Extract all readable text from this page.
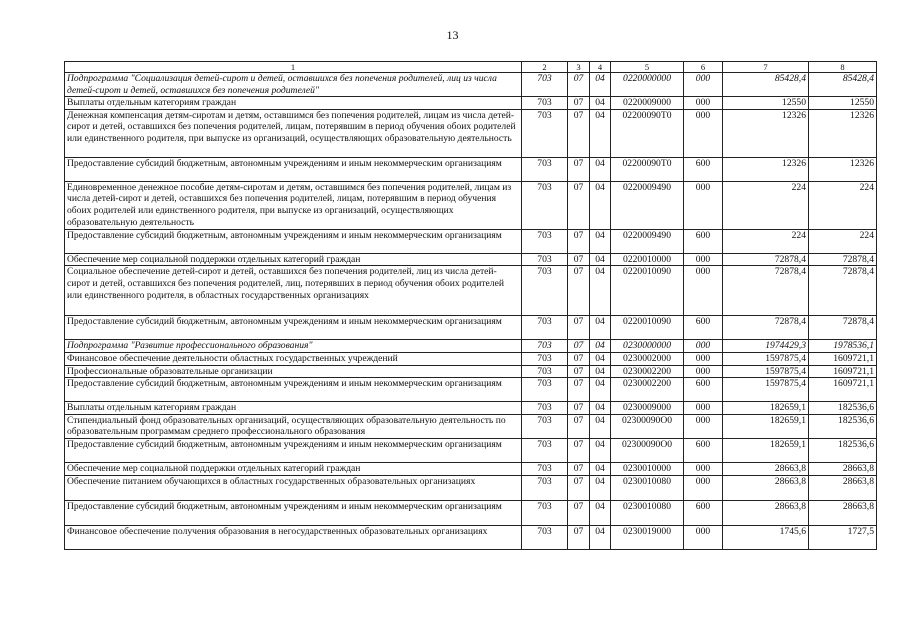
13
1	2	3	4	5	6	7	8
Подпрограмма "Социализация детей-сирот и детей, оставшихся без попечения родителей, лиц из числа детей-сирот и детей, оставшихся без попечения родителей"	703	07	04	0220000000	000	85428,4	85428,4
Выплаты отдельным категориям граждан	703	07	04	0220009000	000	12550	12550
Денежная компенсация детям-сиротам и детям, оставшимся без попечения родителей, лицам из числа детей-сирот и детей, оставшихся без попечения родителей, лицам, потерявшим в период обучения обоих родителей или единственного родителя, при выпуске из организаций, осуществляющих образовательную деятельность	703	07	04	02200090Т0	000	12326	12326
Предоставление субсидий бюджетным, автономным учреждениям и иным некоммерческим организациям	703	07	04	02200090Т0	600	12326	12326
Единовременное денежное пособие детям-сиротам и детям, оставшимся без попечения родителей, лицам из числа детей-сирот и детей, оставшихся без попечения родителей, лицам, потерявшим в период обучения обоих родителей или единственного родителя, при выпуске из организаций, осуществляющих образовательную деятельность	703	07	04	0220009490	000	224	224
Предоставление субсидий бюджетным, автономным учреждениям и иным некоммерческим организациям	703	07	04	0220009490	600	224	224
Обеспечение мер социальной поддержки отдельных категорий граждан	703	07	04	0220010000	000	72878,4	72878,4
Социальное обеспечение детей-сирот и детей, оставшихся без попечения родителей, лиц из числа детей-сирот и детей, оставшихся без попечения родителей, лиц, потерявших в период обучения обоих родителей или единственного родителя, в областных государственных организациях	703	07	04	0220010090	000	72878,4	72878,4
Предоставление субсидий бюджетным, автономным учреждениям и иным некоммерческим организациям	703	07	04	0220010090	600	72878,4	72878,4
Подпрограмма "Развитие профессионального образования"	703	07	04	0230000000	000	1974429,3	1978536,1
Финансовое обеспечение деятельности областных государственных учреждений	703	07	04	0230002000	000	1597875,4	1609721,1
Профессиональные образовательные организации	703	07	04	0230002200	000	1597875,4	1609721,1
Предоставление субсидий бюджетным, автономным учреждениям и иным некоммерческим организациям	703	07	04	0230002200	600	1597875,4	1609721,1
Выплаты отдельным категориям граждан	703	07	04	0230009000	000	182659,1	182536,6
Стипендиальный фонд образовательных организаций, осуществляющих образовательную деятельность по образовательным программам среднего профессионального образования	703	07	04	02300090О0	000	182659,1	182536,6
Предоставление субсидий бюджетным, автономным учреждениям и иным некоммерческим организациям	703	07	04	02300090О0	600	182659,1	182536,6
Обеспечение мер социальной поддержки отдельных категорий граждан	703	07	04	0230010000	000	28663,8	28663,8
Обеспечение питанием обучающихся в областных государственных образовательных организациях	703	07	04	0230010080	000	28663,8	28663,8
Предоставление субсидий бюджетным, автономным учреждениям и иным некоммерческим организациям	703	07	04	0230010080	600	28663,8	28663,8
Финансовое обеспечение получения образования в негосударственных образовательных организациях	703	07	04	0230019000	000	1745,6	1727,5
